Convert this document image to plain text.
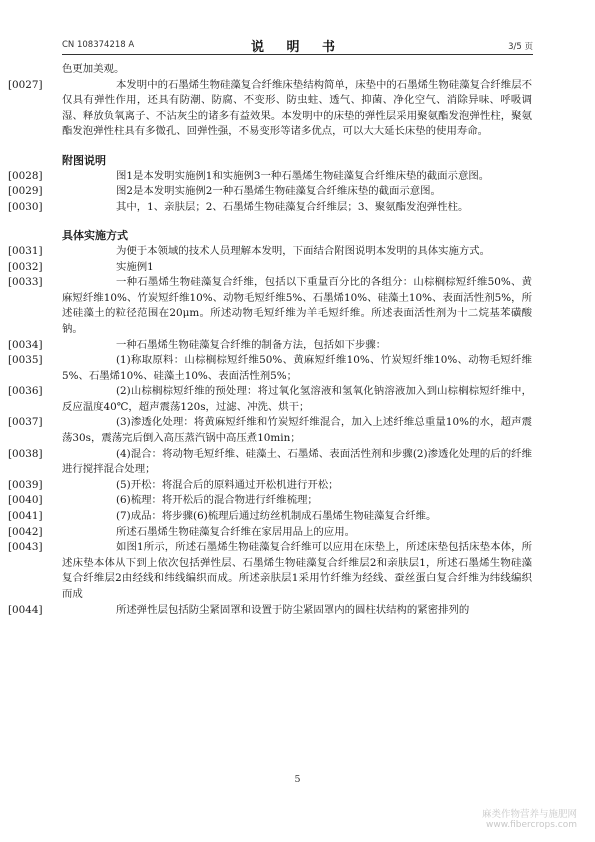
CN 108374218 A	说 明 书	3/5 页

色更加美观。

[0027]	本发明中的石墨烯生物硅藻复合纤维床垫结构简单，床垫中的石墨烯生物硅藻复合纤维层不仅具有弹性作用，还具有防潮、防腐、不变形、防虫蛀、透气、抑菌、净化空气、消除异味、呼吸调湿、释放负氧离子、不沾灰尘的诸多有益效果。本发明中的床垫的弹性层采用聚氨酯发泡弹性柱，聚氨酯发泡弹性柱具有多微孔、回弹性强，不易变形等诸多优点，可以大大延长床垫的使用寿命。

附图说明

[0028]	图1是本发明实施例1和实施例3一种石墨烯生物硅藻复合纤维床垫的截面示意图。

[0029]	图2是本发明实施例2一种石墨烯生物硅藻复合纤维床垫的截面示意图。

[0030]	其中，1、亲肤层；2、石墨烯生物硅藻复合纤维层；3、聚氨酯发泡弹性柱。

具体实施方式

[0031]	为便于本领域的技术人员理解本发明，下面结合附图说明本发明的具体实施方式。

[0032]	实施例1

[0033]	一种石墨烯生物硅藻复合纤维，包括以下重量百分比的各组分：山棕榈棕短纤维50%、黄麻短纤维10%、竹炭短纤维10%、动物毛短纤维5%、石墨烯10%、硅藻土10%、表面活性剂5%，所述硅藻土的粒径范围在20μm。所述动物毛短纤维为羊毛短纤维。所述表面活性剂为十二烷基苯磺酸钠。

[0034]	一种石墨烯生物硅藻复合纤维的制备方法，包括如下步骤：

[0035]	(1)称取原料：山棕榈棕短纤维50%、黄麻短纤维10%、竹炭短纤维10%、动物毛短纤维5%、石墨烯10%、硅藻土10%、表面活性剂5%；

[0036]	(2)山棕榈棕短纤维的预处理：将过氧化氢溶液和氢氧化钠溶液加入到山棕榈棕短纤维中，反应温度40℃，超声震荡120s，过滤、冲洗、烘干；

[0037]	(3)渗透化处理：将黄麻短纤维和竹炭短纤维混合，加入上述纤维总重量10%的水，超声震荡30s，震荡完后倒入高压蒸汽锅中高压煮10min；

[0038]	(4)混合：将动物毛短纤维、硅藻土、石墨烯、表面活性剂和步骤(2)渗透化处理的后的纤维进行搅拌混合处理；

[0039]	(5)开松：将混合后的原料通过开松机进行开松；

[0040]	(6)梳理：将开松后的混合物进行纤维梳理；

[0041]	(7)成品：将步骤(6)梳理后通过纺丝机制成石墨烯生物硅藻复合纤维。

[0042]	所述石墨烯生物硅藻复合纤维在家居用品上的应用。

[0043]	如图1所示，所述石墨烯生物硅藻复合纤维可以应用在床垫上，所述床垫包括床垫本体，所述床垫本体从下到上依次包括弹性层、石墨烯生物硅藻复合纤维层2和亲肤层1，所述石墨烯生物硅藻复合纤维层2由经线和纬线编织而成。所述亲肤层1采用竹纤维为经线、蚕丝蛋白复合纤维为纬线编织而成

[0044]	所述弹性层包括防尘紧固罩和设置于防尘紧固罩内的圆柱状结构的紧密排列的

5
麻类作物营养与施肥网
www.fibercrops.com
